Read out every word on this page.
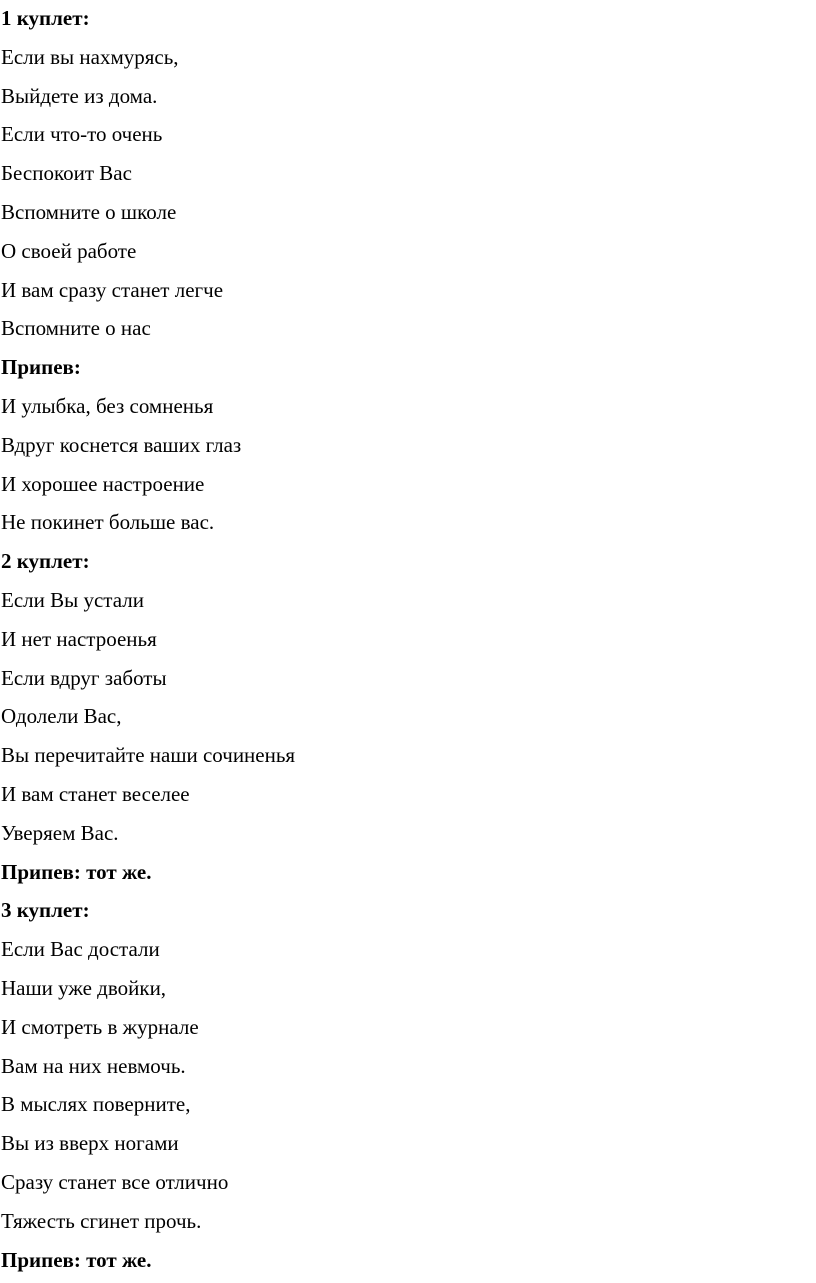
1 куплет:

Если вы нахмурясь,

Выйдете из дома.

Если что-то очень

Беспокоит Вас

Вспомните о школе

О своей работе

И вам сразу станет легче

Вспомните о нас

Припев:

И улыбка, без сомненья

Вдруг коснется ваших глаз

И хорошее настроение

Не покинет больше вас.

2 куплет:

Если Вы устали

И нет настроенья

Если вдруг заботы

Одолели Вас,

Вы перечитайте наши сочиненья

И вам станет веселее

Уверяем Вас.

Припев: тот же.

3 куплет:

Если Вас достали

Наши уже двойки,

И смотреть в журнале

Вам на них невмочь.

В мыслях поверните,

Вы из вверх ногами

Сразу станет все отлично

Тяжесть сгинет прочь.

Припев: тот же.
